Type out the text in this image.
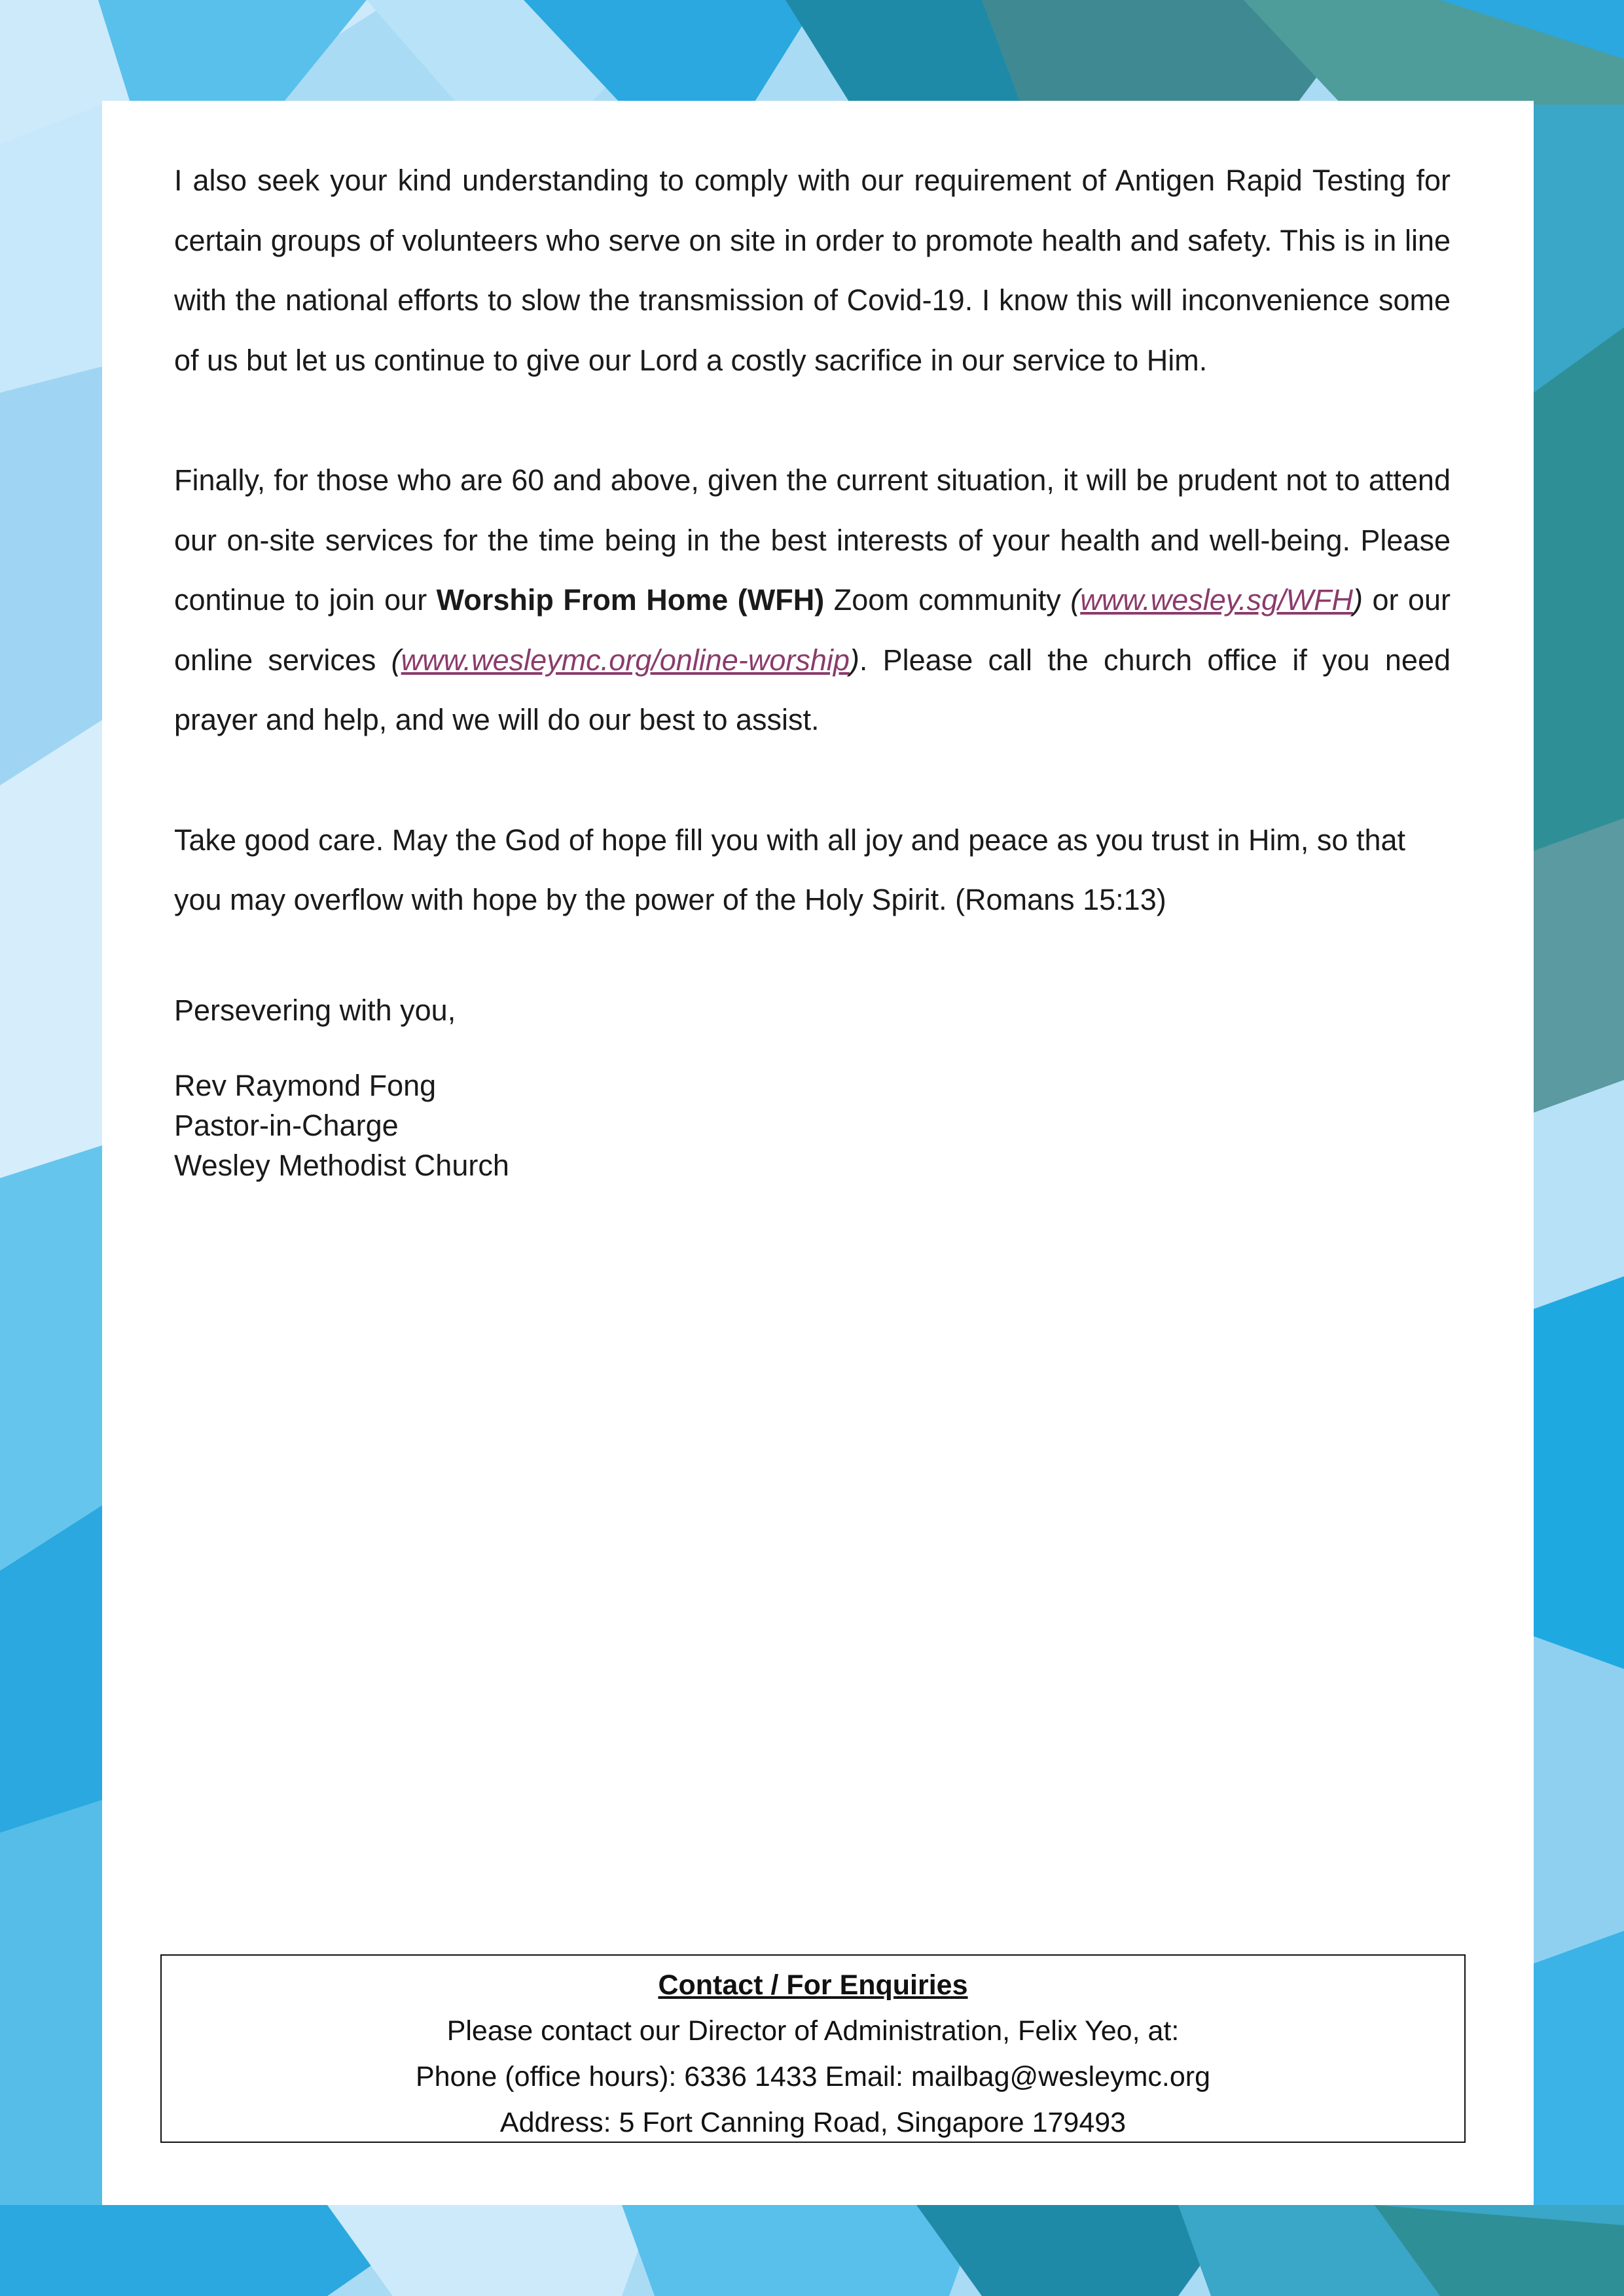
I also seek your kind understanding to comply with our requirement of Antigen Rapid Testing for certain groups of volunteers who serve on site in order to promote health and safety. This is in line with the national efforts to slow the transmission of Covid-19. I know this will inconvenience some of us but let us continue to give our Lord a costly sacrifice in our service to Him.

Finally, for those who are 60 and above, given the current situation, it will be prudent not to attend our on-site services for the time being in the best interests of your health and well-being. Please continue to join our Worship From Home (WFH) Zoom community (www.wesley.sg/WFH) or our online services (www.wesleymc.org/online-worship). Please call the church office if you need prayer and help, and we will do our best to assist.

Take good care. May the God of hope fill you with all joy and peace as you trust in Him, so that you may overflow with hope by the power of the Holy Spirit. (Romans 15:13)

Persevering with you,

Rev Raymond Fong
Pastor-in-Charge
Wesley Methodist Church
Contact / For Enquiries
Please contact our Director of Administration, Felix Yeo, at:
Phone (office hours): 6336 1433 Email: mailbag@wesleymc.org
Address: 5 Fort Canning Road, Singapore 179493
